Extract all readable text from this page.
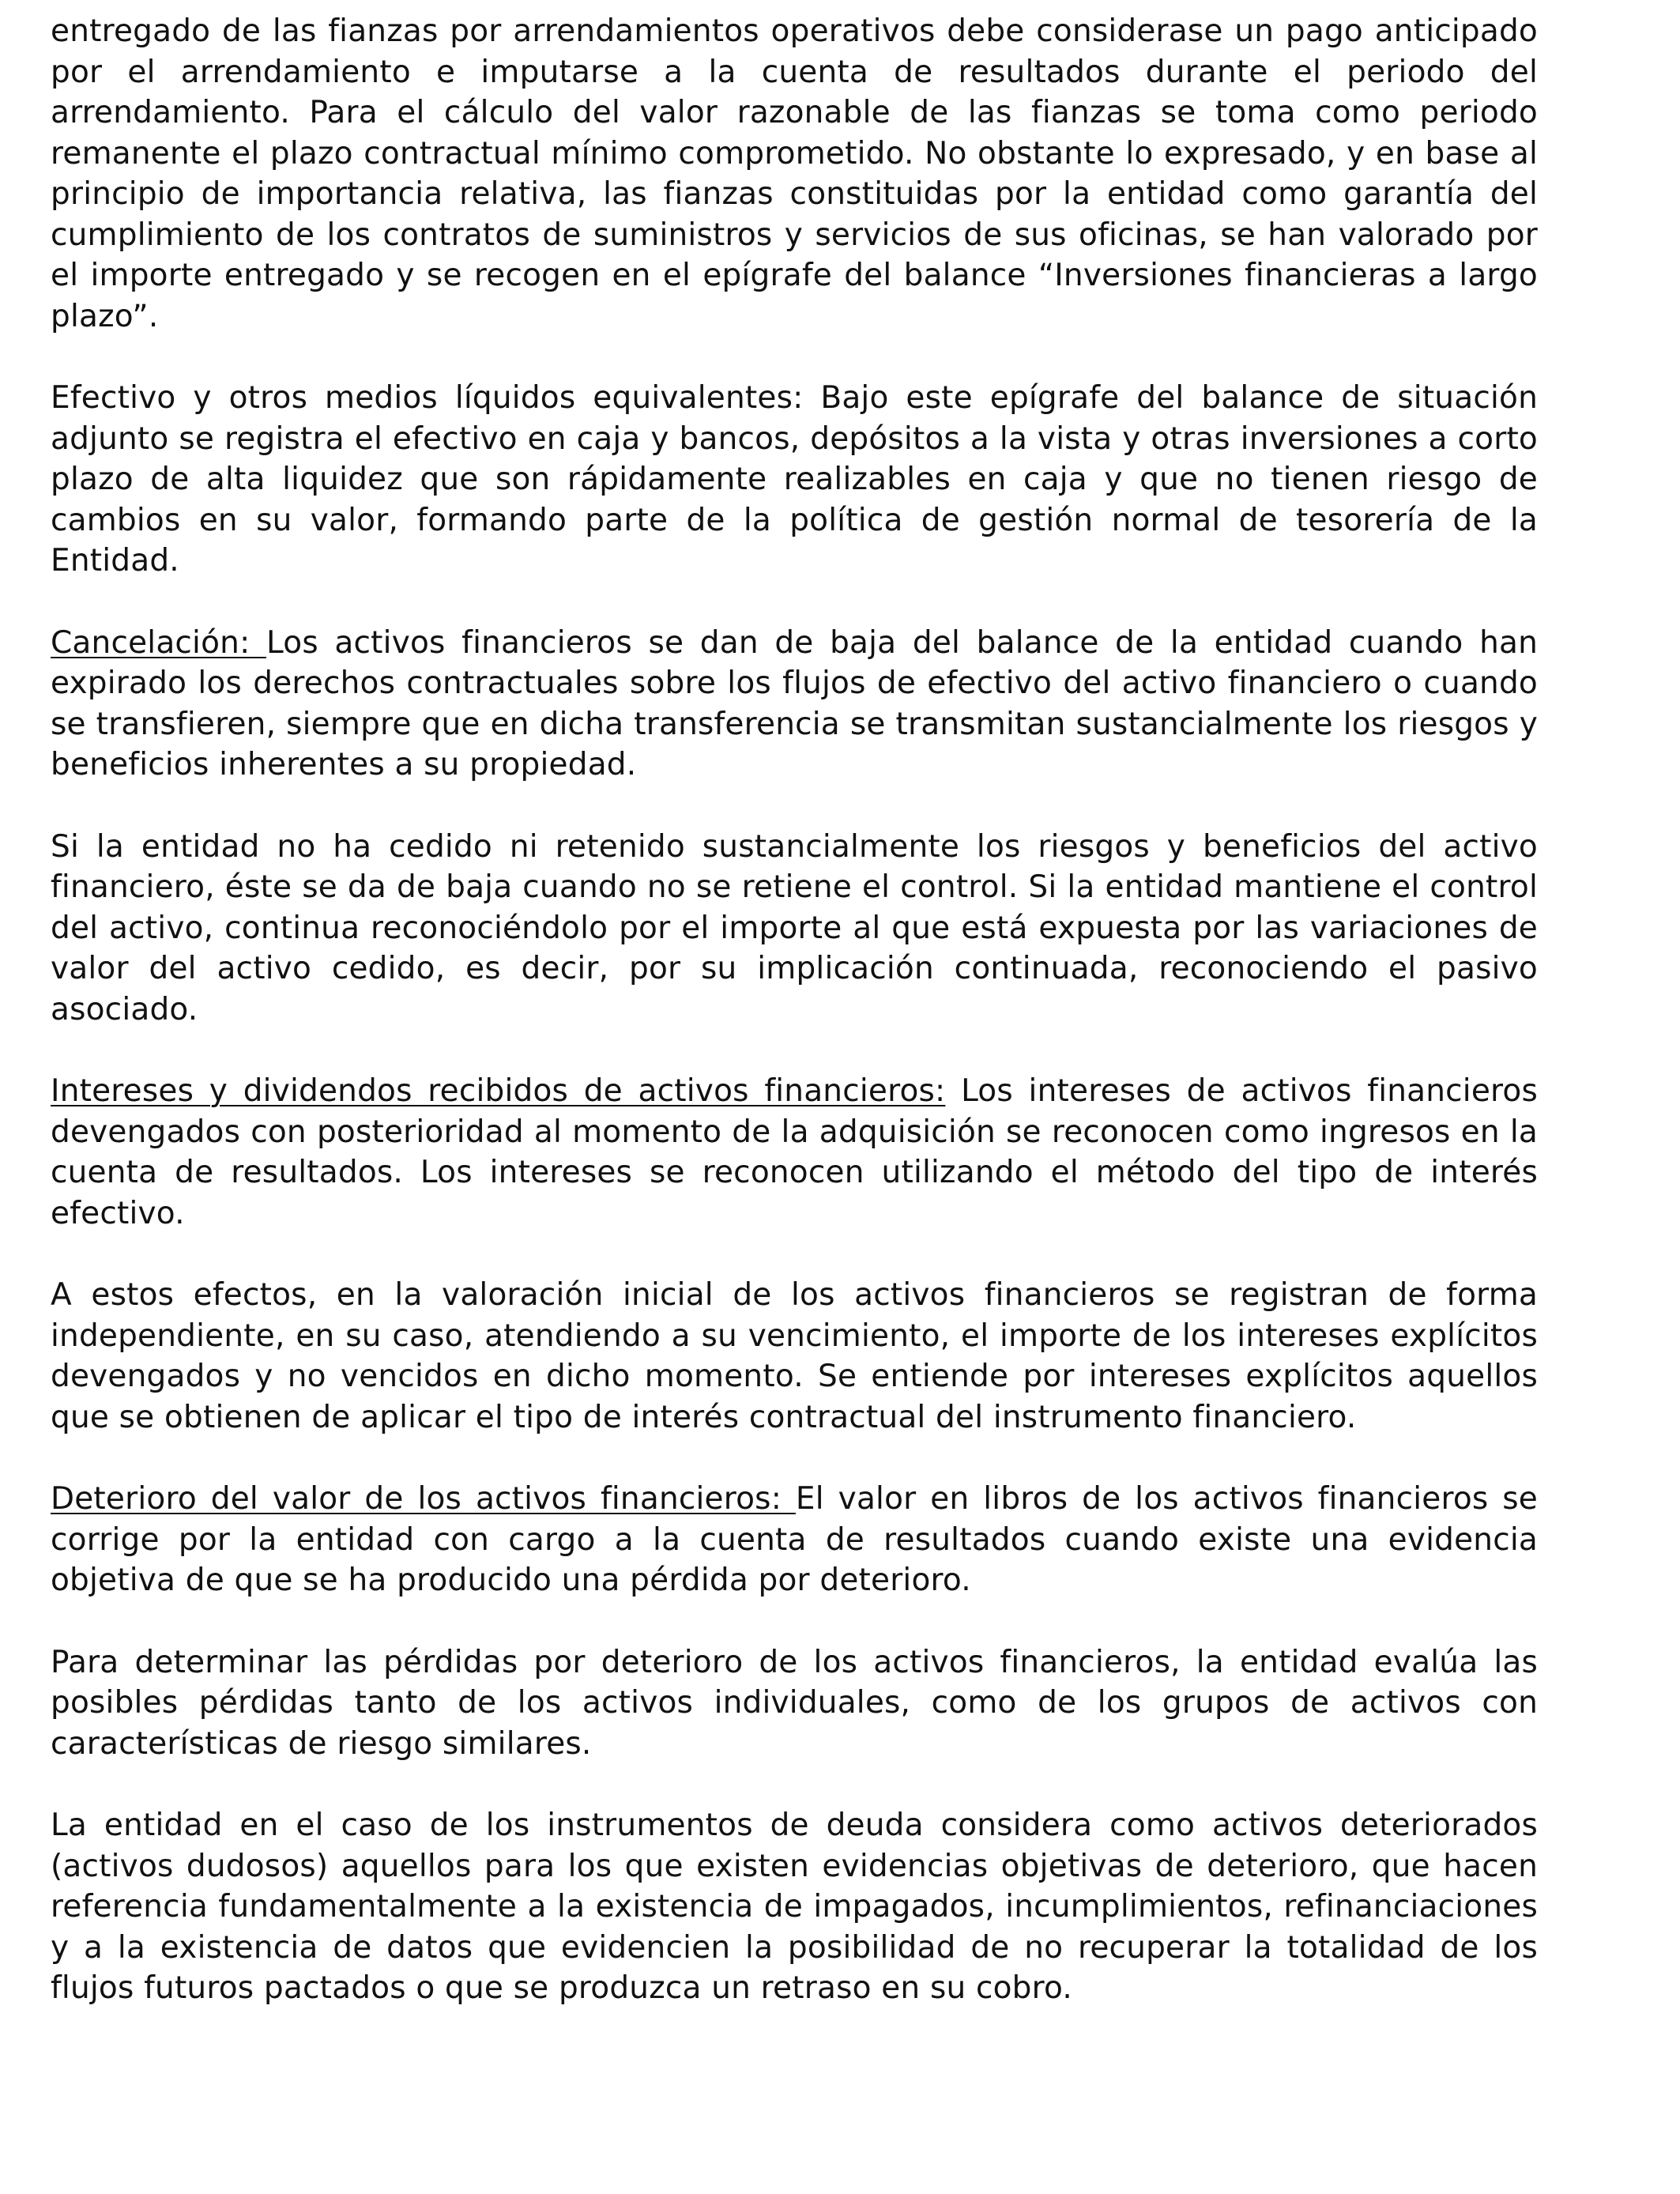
entregado de las fianzas por arrendamientos operativos debe considerase un pago anticipado por el arrendamiento e imputarse a la cuenta de resultados durante el periodo del arrendamiento. Para el cálculo del valor razonable de las fianzas se toma como periodo remanente el plazo contractual mínimo comprometido. No obstante lo expresado, y en base al principio de importancia relativa, las fianzas constituidas por la entidad como garantía del cumplimiento de los contratos de suministros y servicios de sus oficinas, se han valorado por el importe entregado y se recogen en el epígrafe del balance “Inversiones financieras a largo plazo”.

Efectivo y otros medios líquidos equivalentes: Bajo este epígrafe del balance de situación adjunto se registra el efectivo en caja y bancos, depósitos a la vista y otras inversiones a corto plazo de alta liquidez que son rápidamente realizables en caja y que no tienen riesgo de cambios en su valor, formando parte de la política de gestión normal de tesorería de la Entidad.

Cancelación: Los activos financieros se dan de baja del balance de la entidad cuando han expirado los derechos contractuales sobre los flujos de efectivo del activo financiero o cuando se transfieren, siempre que en dicha transferencia se transmitan sustancialmente los riesgos y beneficios inherentes a su propiedad.

Si la entidad no ha cedido ni retenido sustancialmente los riesgos y beneficios del activo financiero, éste se da de baja cuando no se retiene el control. Si la entidad mantiene el control del activo, continua reconociéndolo por el importe al que está expuesta por las variaciones de valor del activo cedido, es decir, por su implicación continuada, reconociendo el pasivo asociado.

Intereses y dividendos recibidos de activos financieros: Los intereses de activos financieros devengados con posterioridad al momento de la adquisición se reconocen como ingresos en la cuenta de resultados. Los intereses se reconocen utilizando el método del tipo de interés efectivo.

A estos efectos, en la valoración inicial de los activos financieros se registran de forma independiente, en su caso, atendiendo a su vencimiento, el importe de los intereses explícitos devengados y no vencidos en dicho momento. Se entiende por intereses explícitos aquellos que se obtienen de aplicar el tipo de interés contractual del instrumento financiero.

Deterioro del valor de los activos financieros: El valor en libros de los activos financieros se corrige por la entidad con cargo a la cuenta de resultados cuando existe una evidencia objetiva de que se ha producido una pérdida por deterioro.

Para determinar las pérdidas por deterioro de los activos financieros, la entidad evalúa las posibles pérdidas tanto de los activos individuales, como de los grupos de activos con características de riesgo similares.

La entidad en el caso de los instrumentos de deuda considera como activos deteriorados (activos dudosos) aquellos para los que existen evidencias objetivas de deterioro, que hacen referencia fundamentalmente a la existencia de impagados, incumplimientos, refinanciaciones y a la existencia de datos que evidencien la posibilidad de no recuperar la totalidad de los flujos futuros pactados o que se produzca un retraso en su cobro.
